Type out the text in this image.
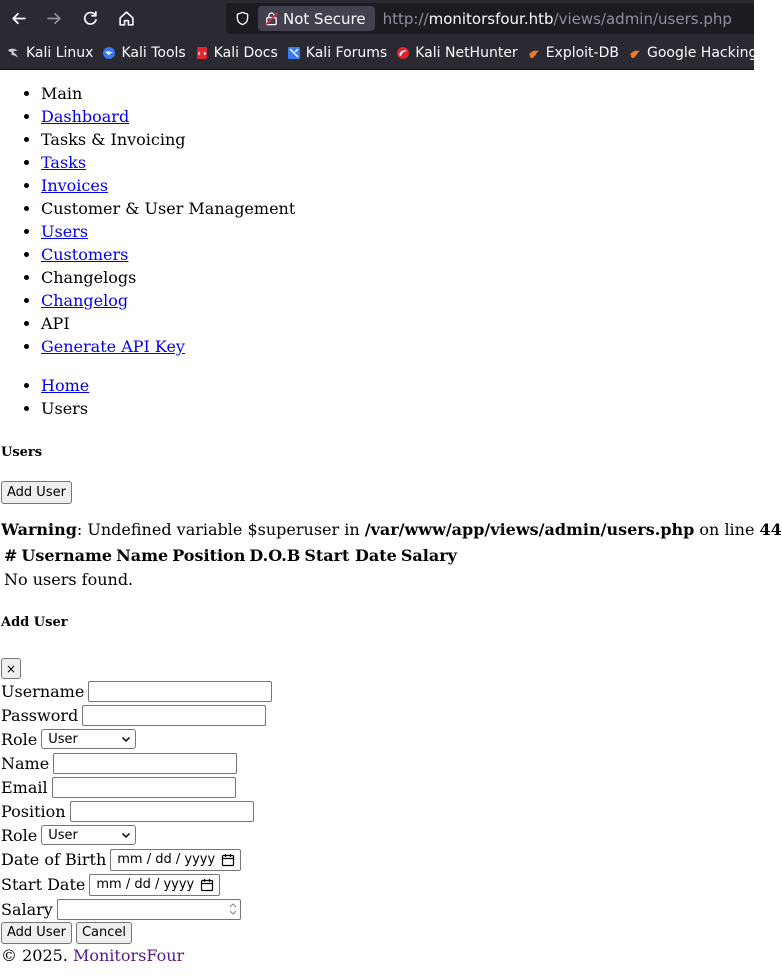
Not Secure http://monitorsfour.htb/views/admin/users.php
Kali Linux Kali Tools Kali Docs Kali Forums Kali NetHunter Exploit-DB Google Hacking
• Main
• Dashboard
• Tasks & Invoicing
• Tasks
• Invoices
• Customer & User Management
• Users
• Customers
• Changelogs
• Changelog
• API
• Generate API Key
• Home
• Users
Users
Add User
Warning: Undefined variable $superuser in /var/www/app/views/admin/users.php on line 44
#	Username	Name	Position	D.O.B	Start Date	Salary
No users found.
Add User
×
Username
Password
Role User
Name
Email
Position
Role User
Date of Birth mm / dd / yyyy
Start Date mm / dd / yyyy
Salary
Add User	Cancel
© 2025. MonitorsFour
